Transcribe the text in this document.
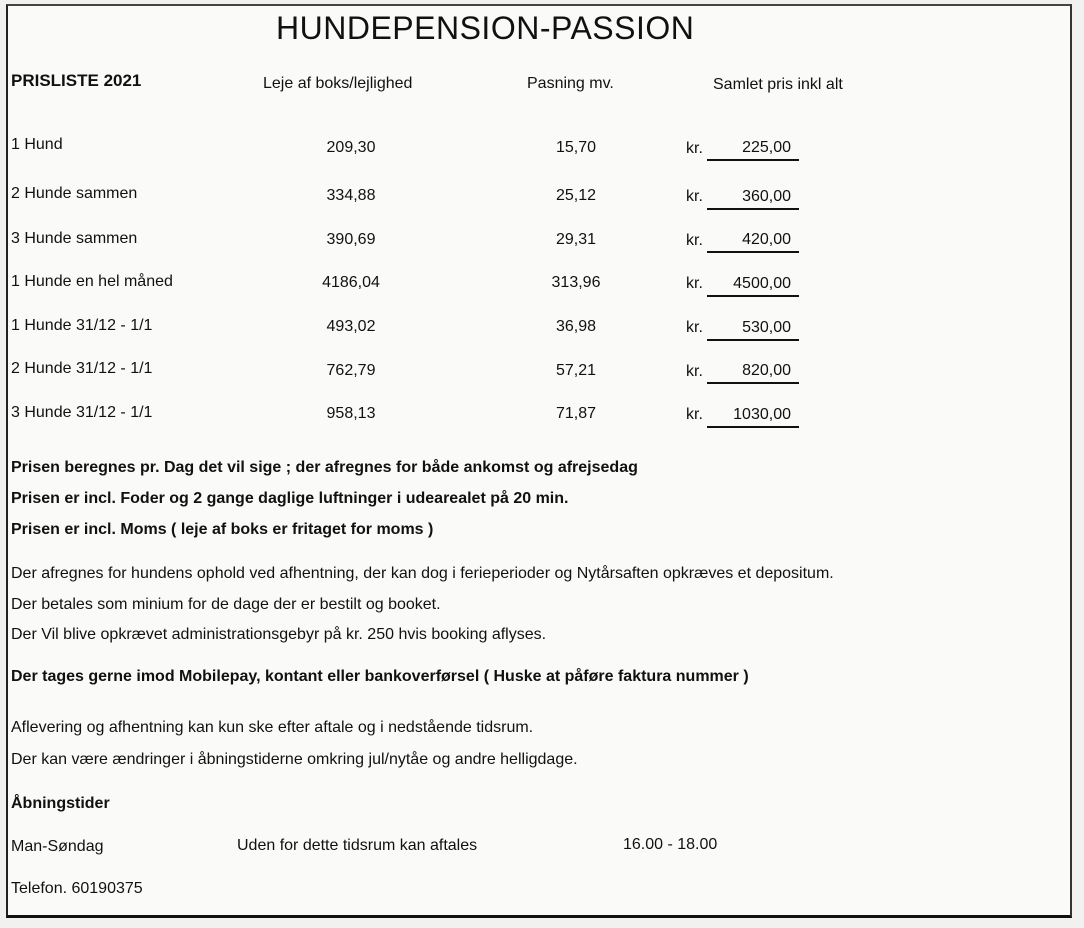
HUNDEPENSION-PASSION
PRISLISTE 2021	Leje af boks/lejlighed	Pasning mv.	Samlet pris inkl alt
1 Hund	209,30	15,70	kr.	225,00
2 Hunde sammen	334,88	25,12	kr.	360,00
3 Hunde sammen	390,69	29,31	kr.	420,00
1 Hunde en hel måned	4186,04	313,96	kr.	4500,00
1 Hunde 31/12 - 1/1	493,02	36,98	kr.	530,00
2 Hunde 31/12 - 1/1	762,79	57,21	kr.	820,00
3 Hunde 31/12 - 1/1	958,13	71,87	kr.	1030,00
Prisen beregnes pr. Dag det vil sige ; der afregnes for både ankomst og afrejsedag
Prisen er incl. Foder og 2 gange daglige luftninger i udearealet på 20 min.
Prisen er incl. Moms ( leje af boks er fritaget for moms )
Der afregnes for hundens ophold ved afhentning, der kan dog i ferieperioder og Nytårsaften opkræves et depositum.
Der betales som minium for de dage der er bestilt og booket.
Der Vil blive opkrævet administrationsgebyr på kr. 250 hvis booking aflyses.
Der tages gerne imod Mobilepay, kontant eller bankoverførsel ( Huske at påføre faktura nummer )
Aflevering og afhentning kan kun ske efter aftale og i nedstående tidsrum.
Der kan være ændringer i åbningstiderne omkring jul/nytåe og andre helligdage.
Åbningstider
Man-Søndag	Uden for dette tidsrum kan aftales	16.00 - 18.00
Telefon. 60190375
